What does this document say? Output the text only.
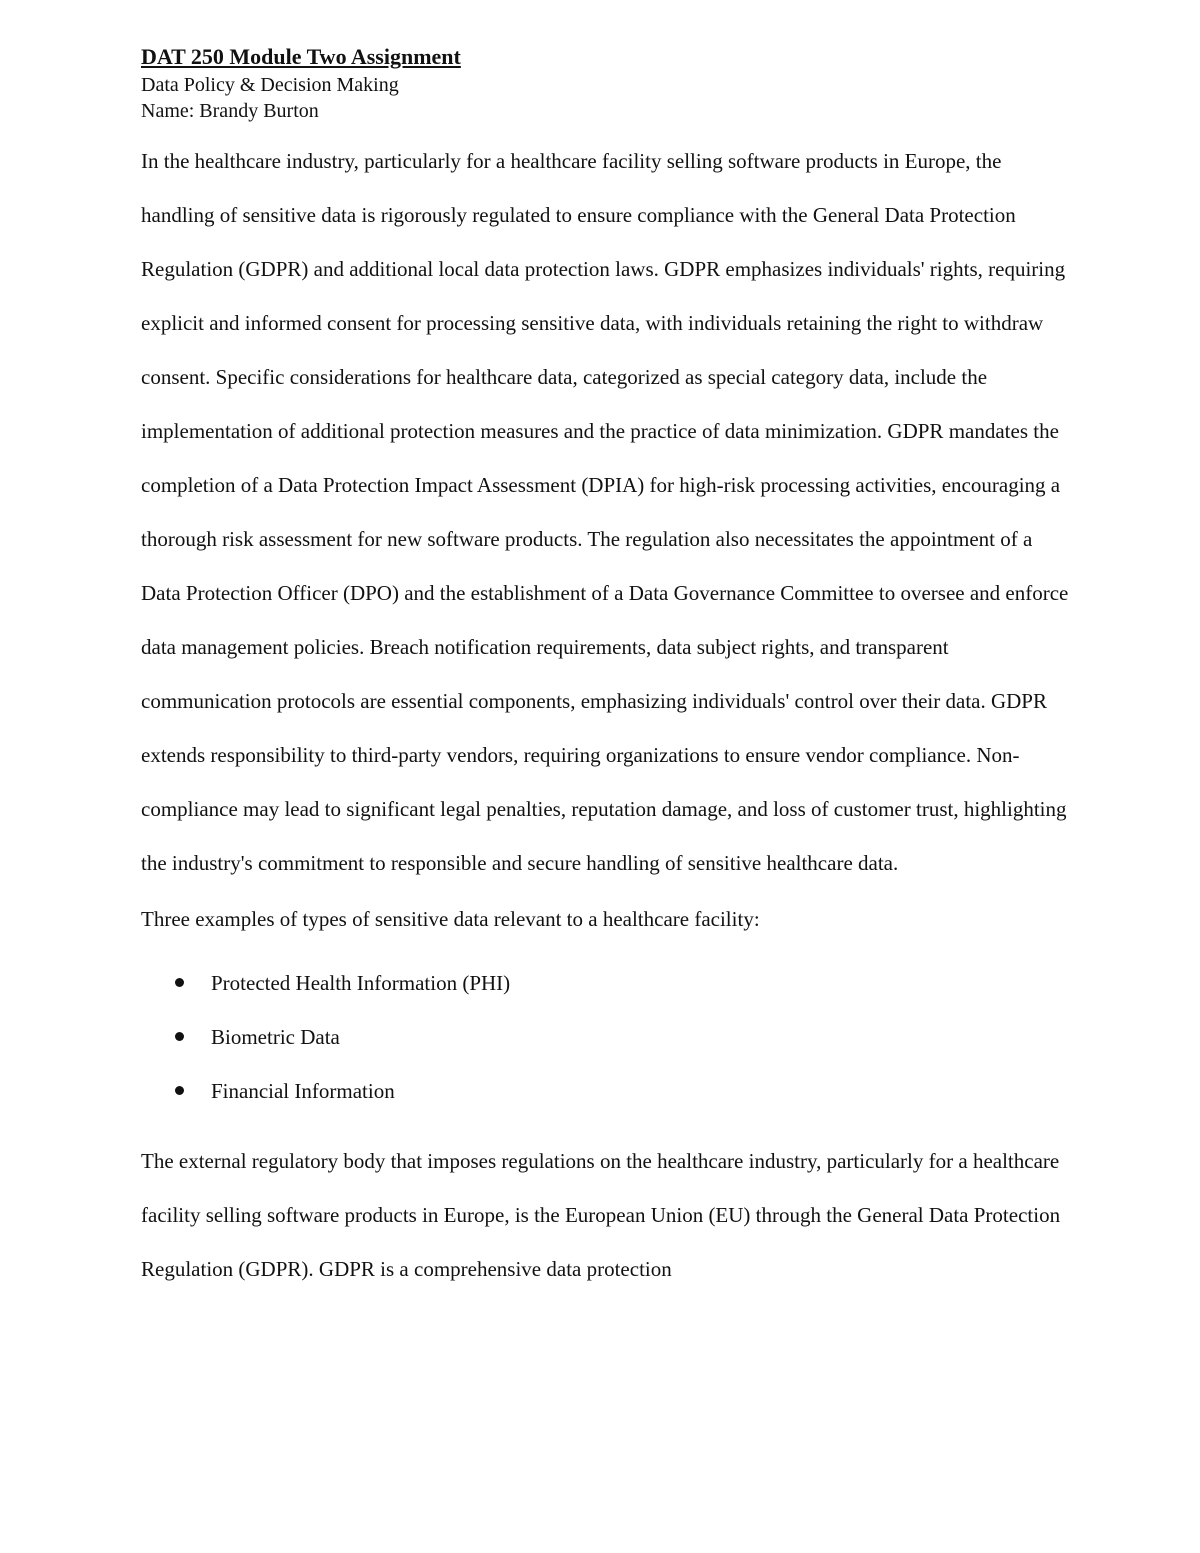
DAT 250 Module Two Assignment

Data Policy & Decision Making

Name: Brandy Burton

In the healthcare industry, particularly for a healthcare facility selling software products in Europe, the handling of sensitive data is rigorously regulated to ensure compliance with the General Data Protection Regulation (GDPR) and additional local data protection laws. GDPR emphasizes individuals' rights, requiring explicit and informed consent for processing sensitive data, with individuals retaining the right to withdraw consent. Specific considerations for healthcare data, categorized as special category data, include the implementation of additional protection measures and the practice of data minimization. GDPR mandates the completion of a Data Protection Impact Assessment (DPIA) for high-risk processing activities, encouraging a thorough risk assessment for new software products. The regulation also necessitates the appointment of a Data Protection Officer (DPO) and the establishment of a Data Governance Committee to oversee and enforce data management policies. Breach notification requirements, data subject rights, and transparent communication protocols are essential components, emphasizing individuals' control over their data. GDPR extends responsibility to third-party vendors, requiring organizations to ensure vendor compliance. Non-compliance may lead to significant legal penalties, reputation damage, and loss of customer trust, highlighting the industry's commitment to responsible and secure handling of sensitive healthcare data.

Three examples of types of sensitive data relevant to a healthcare facility:

Protected Health Information (PHI)
Biometric Data
Financial Information

The external regulatory body that imposes regulations on the healthcare industry, particularly for a healthcare facility selling software products in Europe, is the European Union (EU) through the General Data Protection Regulation (GDPR). GDPR is a comprehensive data protection
